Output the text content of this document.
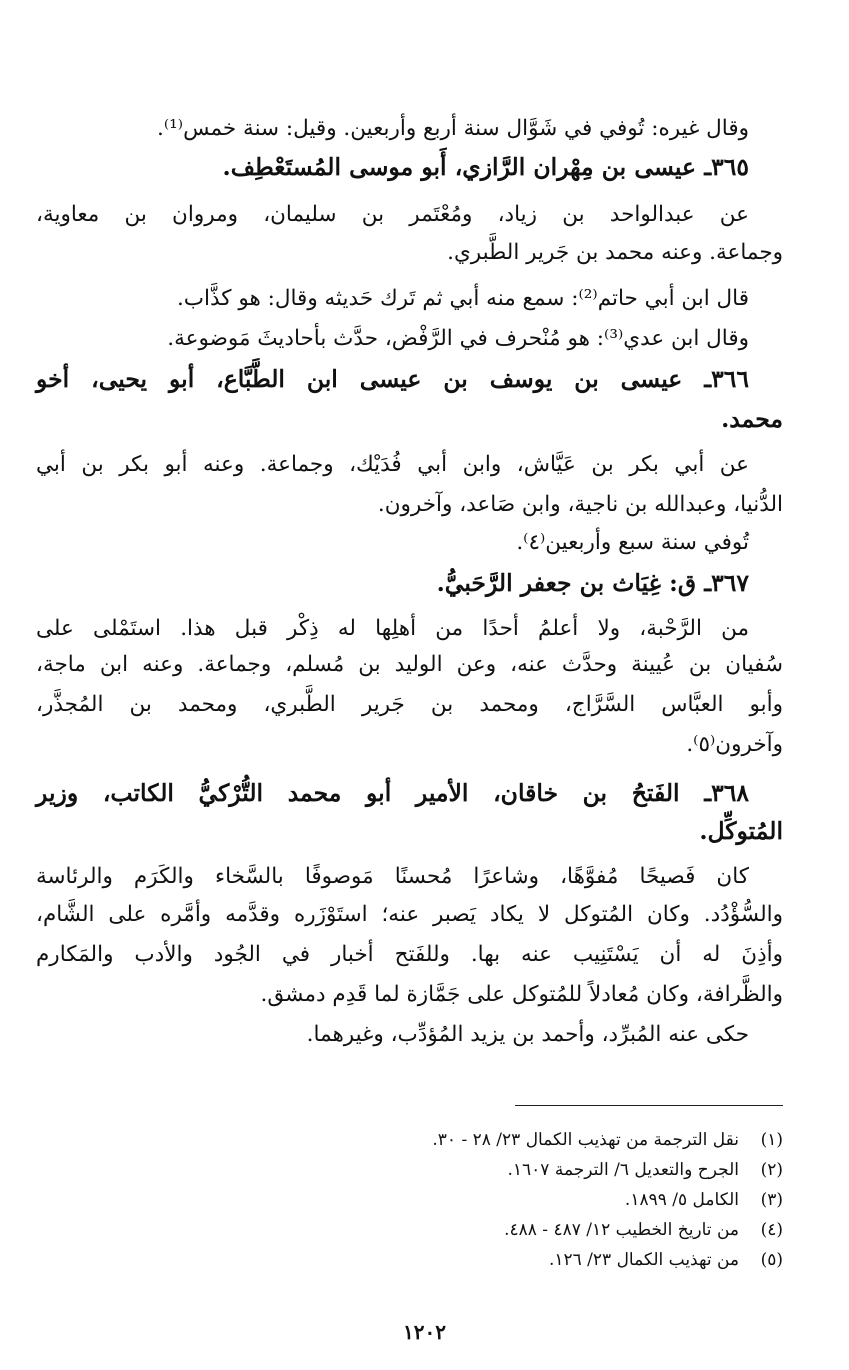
وقال غيره: تُوفي في شَوَّال سنة أربع وأربعين. وقيل: سنة خمس⁽¹⁾.
٣٦٥ـ عيسى بن مِهْران الرَّازي، أَبو موسى المُستَعْطِف.
عن عبدالواحد بن زياد، ومُعْتَمر بن سليمان، ومروان بن معاوية،
وجماعة. وعنه محمد بن جَرير الطَّبري.
قال ابن أبي حاتم⁽²⁾: سمع منه أبي ثم تَرك حَديثه وقال: هو كذَّاب.
وقال ابن عدي⁽³⁾: هو مُنْحرف في الرَّفْض، حدَّث بأحاديثَ مَوضوعة.
٣٦٦ـ عيسى بن يوسف بن عيسى ابن الطَّبَّاع، أبو يحيى، أخو
محمد.
عن أبي بكر بن عَيَّاش، وابن أبي فُدَيْك، وجماعة. وعنه أبو بكر بن أبي
الدُّنيا، وعبدالله بن ناجية، وابن صَاعد، وآخرون.
تُوفي سنة سبع وأربعين⁽٤⁾.
٣٦٧ـ ق: غِيَاث بن جعفر الرَّحَبيُّ.
من الرَّحْبة، ولا أعلمُ أحدًا من أهلِها له ذِكْر قبل هذا. استَمْلى على
سُفيان بن عُيينة وحدَّث عنه، وعن الوليد بن مُسلم، وجماعة. وعنه ابن ماجة،
وأبو العبَّاس السَّرَّاج، ومحمد بن جَرير الطَّبري، ومحمد بن المُجذَّر،
وآخرون⁽٥⁾.
٣٦٨ـ الفَتحُ بن خاقان، الأمير أبو محمد التُّرْكيُّ الكاتب، وزير
المُتوكِّل.
كان فَصيحًا مُفوَّهًا، وشاعرًا مُحسنًا مَوصوفًا بالسَّخاء والكَرَم والرئاسة
والسُّؤْدُد. وكان المُتوكل لا يكاد يَصبر عنه؛ استَوْزَره وقدَّمه وأمَّره على الشَّام،
وأذِنَ له أن يَسْتَنِيب عنه بها. وللفَتح أخبار في الجُود والأدب والمَكارم
والظَّرافة، وكان مُعادلاً للمُتوكل على جَمَّازة لما قَدِم دمشق.
حكى عنه المُبرِّد، وأحمد بن يزيد المُؤدِّب، وغيرهما.
(١)نقل الترجمة من تهذيب الكمال ٢٣/ ٢٨ - ٣٠.
(٢)الجرح والتعديل ٦/ الترجمة ١٦٠٧.
(٣)الكامل ٥/ ١٨٩٩.
(٤)من تاريخ الخطيب ١٢/ ٤٨٧ - ٤٨٨.
(٥)من تهذيب الكمال ٢٣/ ١٢٦.
١٢٠٢
